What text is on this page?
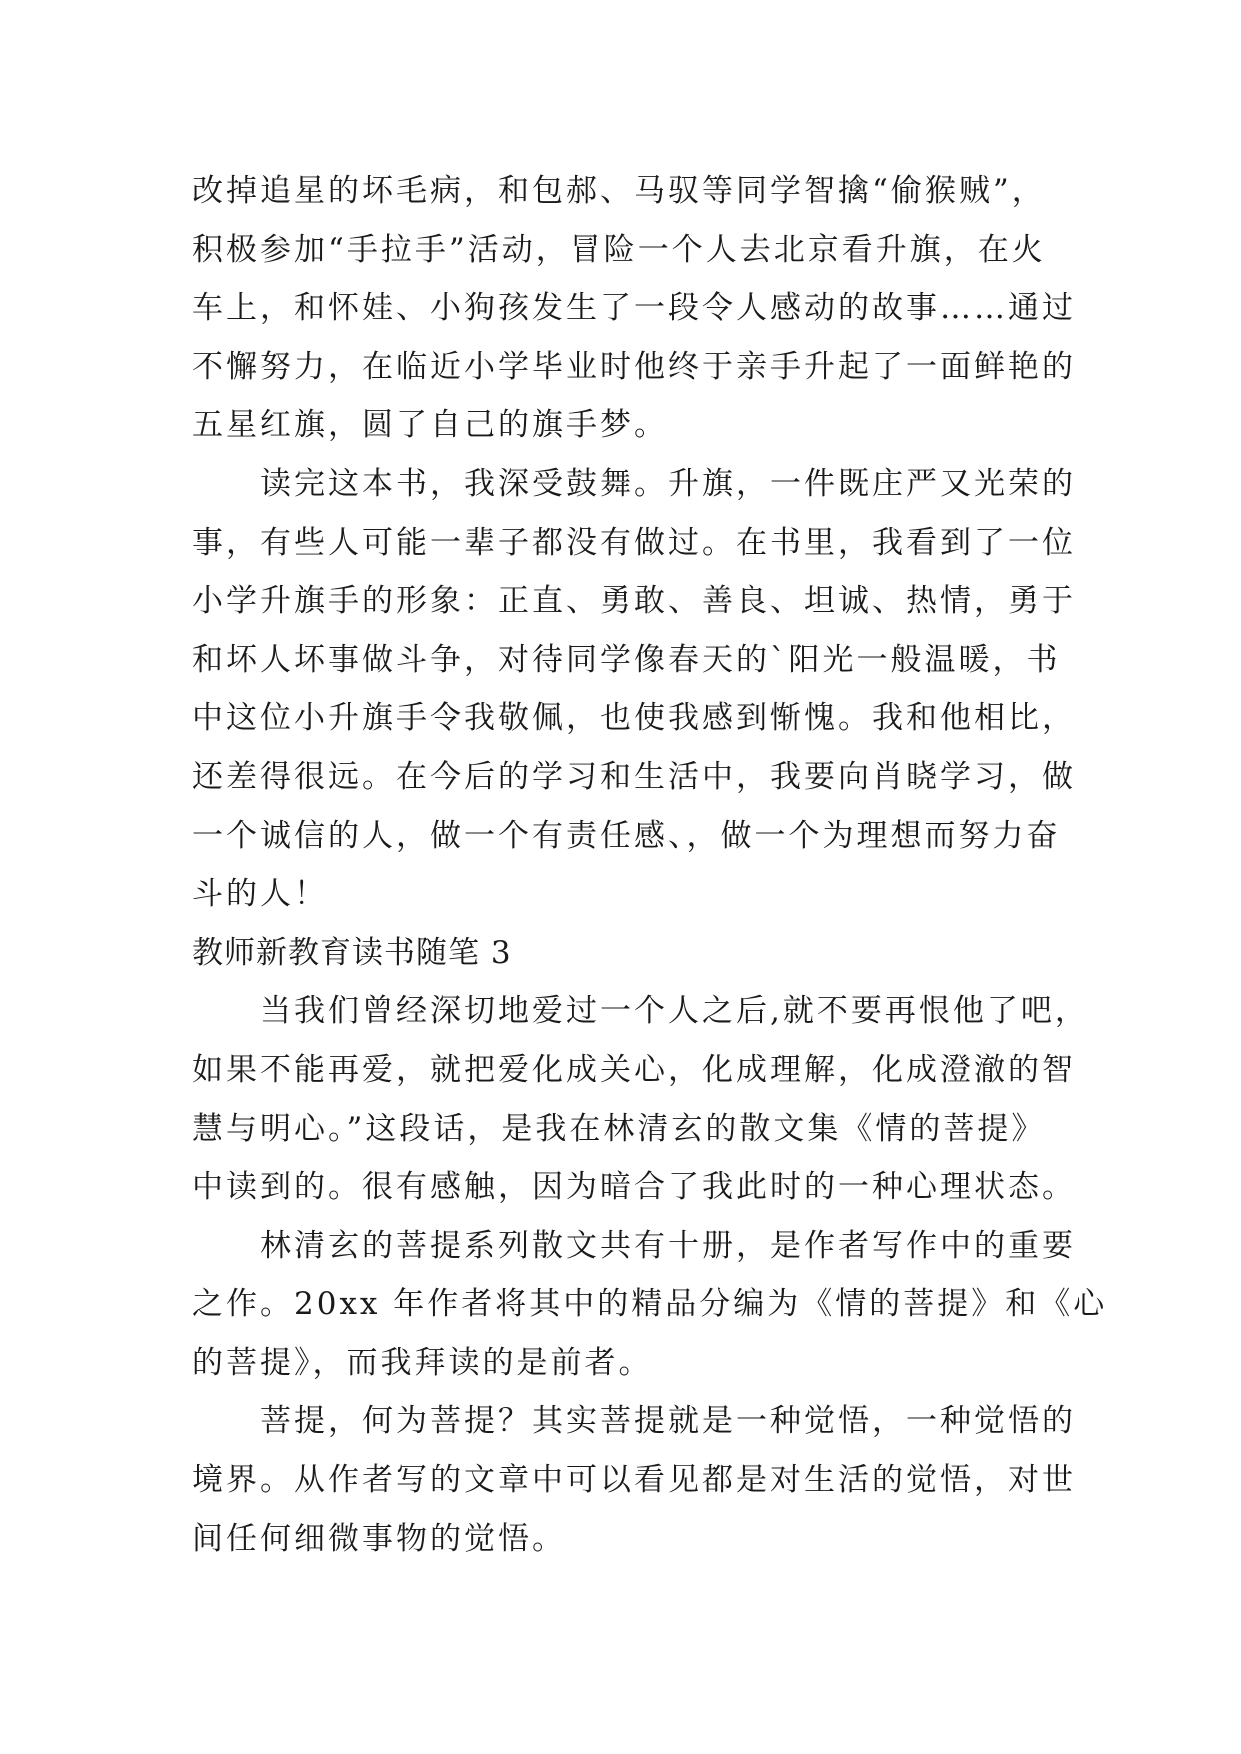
改掉追星的坏毛病，和包郝、马驭等同学智擒“偷猴贼”，
积极参加“手拉手”活动，冒险一个人去北京看升旗，在火
车上，和怀娃、小狗孩发生了一段令人感动的故事……通过
不懈努力，在临近小学毕业时他终于亲手升起了一面鲜艳的
五星红旗，圆了自己的旗手梦。
读完这本书，我深受鼓舞。升旗，一件既庄严又光荣的
事，有些人可能一辈子都没有做过。在书里，我看到了一位
小学升旗手的形象：正直、勇敢、善良、坦诚、热情，勇于
和坏人坏事做斗争，对待同学像春天的`阳光一般温暖，书
中这位小升旗手令我敬佩，也使我感到惭愧。我和他相比，
还差得很远。在今后的学习和生活中，我要向肖晓学习，做
一个诚信的人，做一个有责任感、，做一个为理想而努力奋
斗的人！
教师新教育读书随笔 3
当我们曾经深切地爱过一个人之后,就不要再恨他了吧，
如果不能再爱，就把爱化成关心，化成理解，化成澄澈的智
慧与明心。”这段话，是我在林清玄的散文集《情的菩提》
中读到的。很有感触，因为暗合了我此时的一种心理状态。
林清玄的菩提系列散文共有十册，是作者写作中的重要
之作。20xx 年作者将其中的精品分编为《情的菩提》和《心
的菩提》，而我拜读的是前者。
菩提，何为菩提？其实菩提就是一种觉悟，一种觉悟的
境界。从作者写的文章中可以看见都是对生活的觉悟，对世
间任何细微事物的觉悟。
